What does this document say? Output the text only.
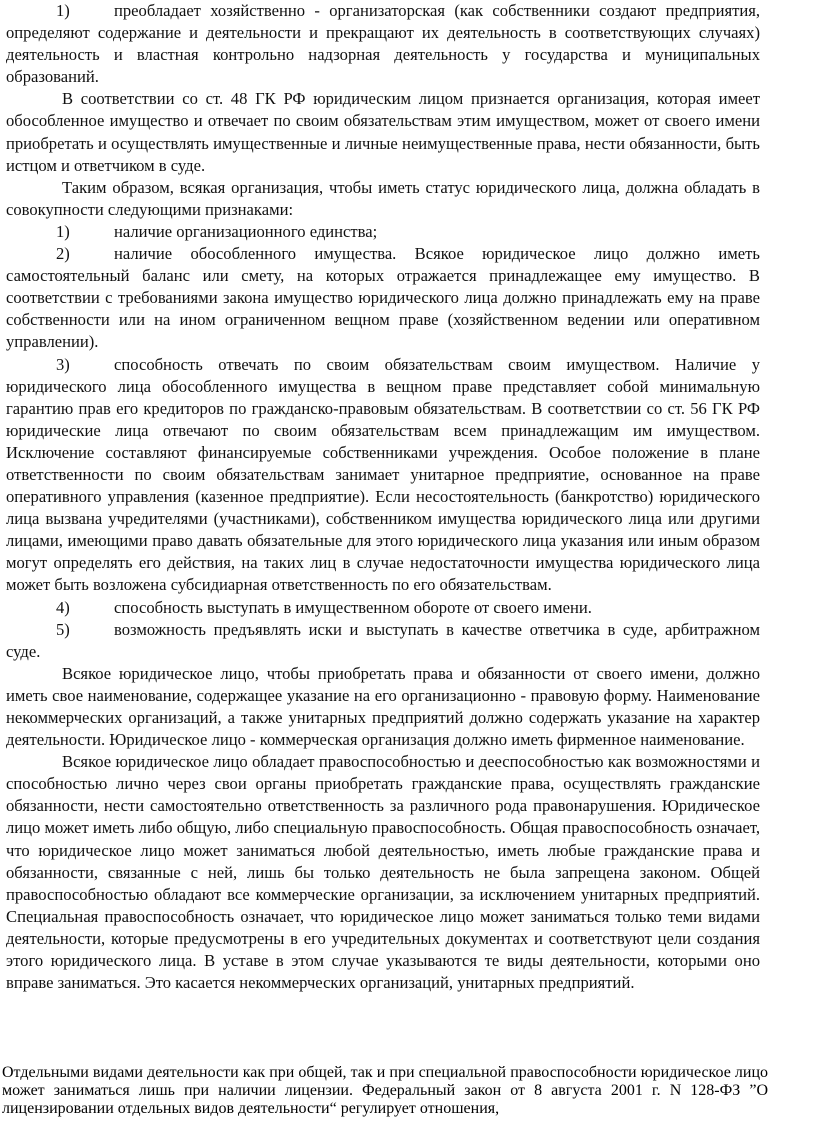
1)	преобладает хозяйственно - организаторская (как собственники создают предприятия, определяют содержание и деятельности и прекращают их деятельность в соответствующих случаях) деятельность и властная контрольно надзорная деятельность у государства и муниципальных образований.

В соответствии со ст. 48 ГК РФ юридическим лицом признается организация, которая имеет обособленное имущество и отвечает по своим обязательствам этим имуществом, может от своего имени приобретать и осуществлять имущественные и личные неимущественные права, нести обязанности, быть истцом и ответчиком в суде.

Таким образом, всякая организация, чтобы иметь статус юридического лица, должна обладать в совокупности следующими признаками:

1)	наличие организационного единства;

2)	наличие обособленного имущества. Всякое юридическое лицо должно иметь самостоятельный баланс или смету, на которых отражается принадлежащее ему имущество. В соответствии с требованиями закона имущество юридического лица должно принадлежать ему на праве собственности или на ином ограниченном вещном праве (хозяйственном ведении или оперативном управлении).

3)	способность отвечать по своим обязательствам своим имуществом. Наличие у юридического лица обособленного имущества в вещном праве представляет собой минимальную гарантию прав его кредиторов по гражданско-правовым обязательствам. В соответствии со ст. 56 ГК РФ юридические лица отвечают по своим обязательствам всем принадлежащим им имуществом. Исключение составляют финансируемые собственниками учреждения. Особое положение в плане ответственности по своим обязательствам занимает унитарное предприятие, основанное на праве оперативного управления (казенное предприятие). Если несостоятельность (банкротство) юридического лица вызвана учредителями (участниками), собственником имущества юридического лица или другими лицами, имеющими право давать обязательные для этого юридического лица указания или иным образом могут определять его действия, на таких лиц в случае недостаточности имущества юридического лица может быть возложена субсидиарная ответственность по его обязательствам.

4)	способность выступать в имущественном обороте от своего имени.

5)	возможность предъявлять иски и выступать в качестве ответчика в суде, арбитражном суде.

Всякое юридическое лицо, чтобы приобретать права и обязанности от своего имени, должно иметь свое наименование, содержащее указание на его организационно - правовую форму. Наименование некоммерческих организаций, а также унитарных предприятий должно содержать указание на характер деятельности. Юридическое лицо - коммерческая организация должно иметь фирменное наименование.

Всякое юридическое лицо обладает правоспособностью и дееспособностью как возможностями и способностью лично через свои органы приобретать гражданские права, осуществлять гражданские обязанности, нести самостоятельно ответственность за различного рода правонарушения. Юридическое лицо может иметь либо общую, либо специальную правоспособность. Общая правоспособность означает, что юридическое лицо может заниматься любой деятельностью, иметь любые гражданские права и обязанности, связанные с ней, лишь бы только деятельность не была запрещена законом. Общей правоспособностью обладают все коммерческие организации, за исключением унитарных предприятий. Специальная правоспособность означает, что юридическое лицо может заниматься только теми видами деятельности, которые предусмотрены в его учредительных документах и соответствуют цели создания этого юридического лица. В уставе в этом случае указываются те виды деятельности, которыми оно вправе заниматься. Это касается некоммерческих организаций, унитарных предприятий.

Отдельными видами деятельности как при общей, так и при специальной правоспособности юридическое лицо может заниматься лишь при наличии лицензии. Федеральный закон от 8 августа 2001 г. N 128-ФЗ ”О лицензировании отдельных видов деятельности“ регулирует отношения,
